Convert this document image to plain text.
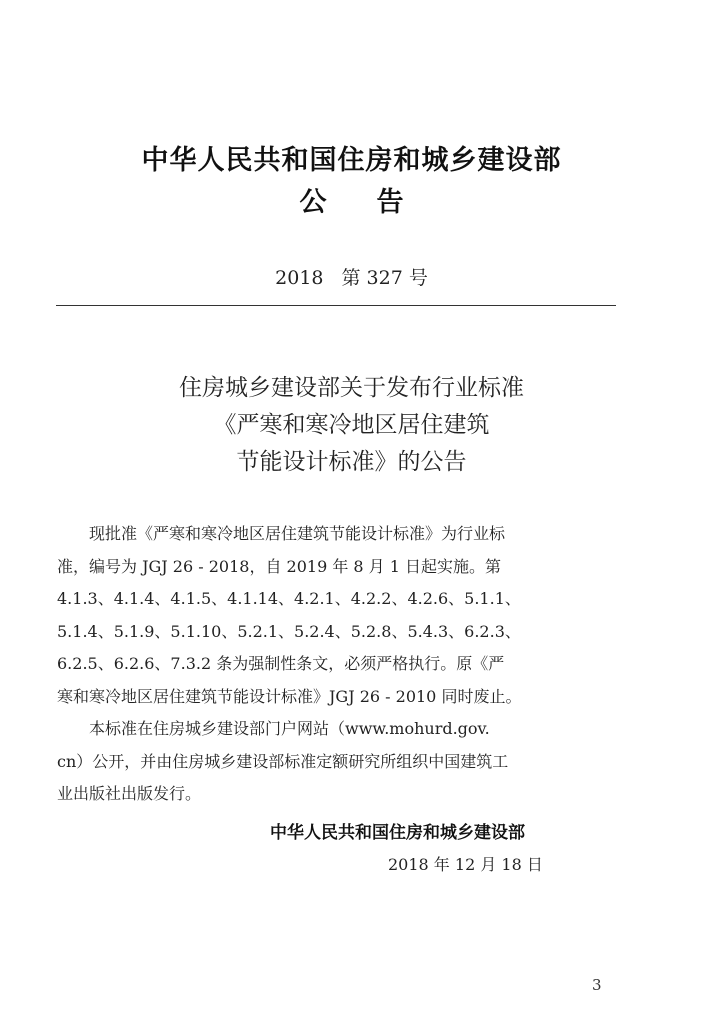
中华人民共和国住房和城乡建设部
公 告
2018 第 327 号
住房城乡建设部关于发布行业标准
《严寒和寒冷地区居住建筑
节能设计标准》的公告
现批准《严寒和寒冷地区居住建筑节能设计标准》为行业标
准，编号为 JGJ 26 - 2018，自 2019 年 8 月 1 日起实施。第
4.1.3、4.1.4、4.1.5、4.1.14、4.2.1、4.2.2、4.2.6、5.1.1、
5.1.4、5.1.9、5.1.10、5.2.1、5.2.4、5.2.8、5.4.3、6.2.3、
6.2.5、6.2.6、7.3.2 条为强制性条文，必须严格执行。原《严
寒和寒冷地区居住建筑节能设计标准》JGJ 26 - 2010 同时废止。
本标准在住房城乡建设部门户网站（www.mohurd.gov.
cn）公开，并由住房城乡建设部标准定额研究所组织中国建筑工
业出版社出版发行。
中华人民共和国住房和城乡建设部
2018 年 12 月 18 日
3
